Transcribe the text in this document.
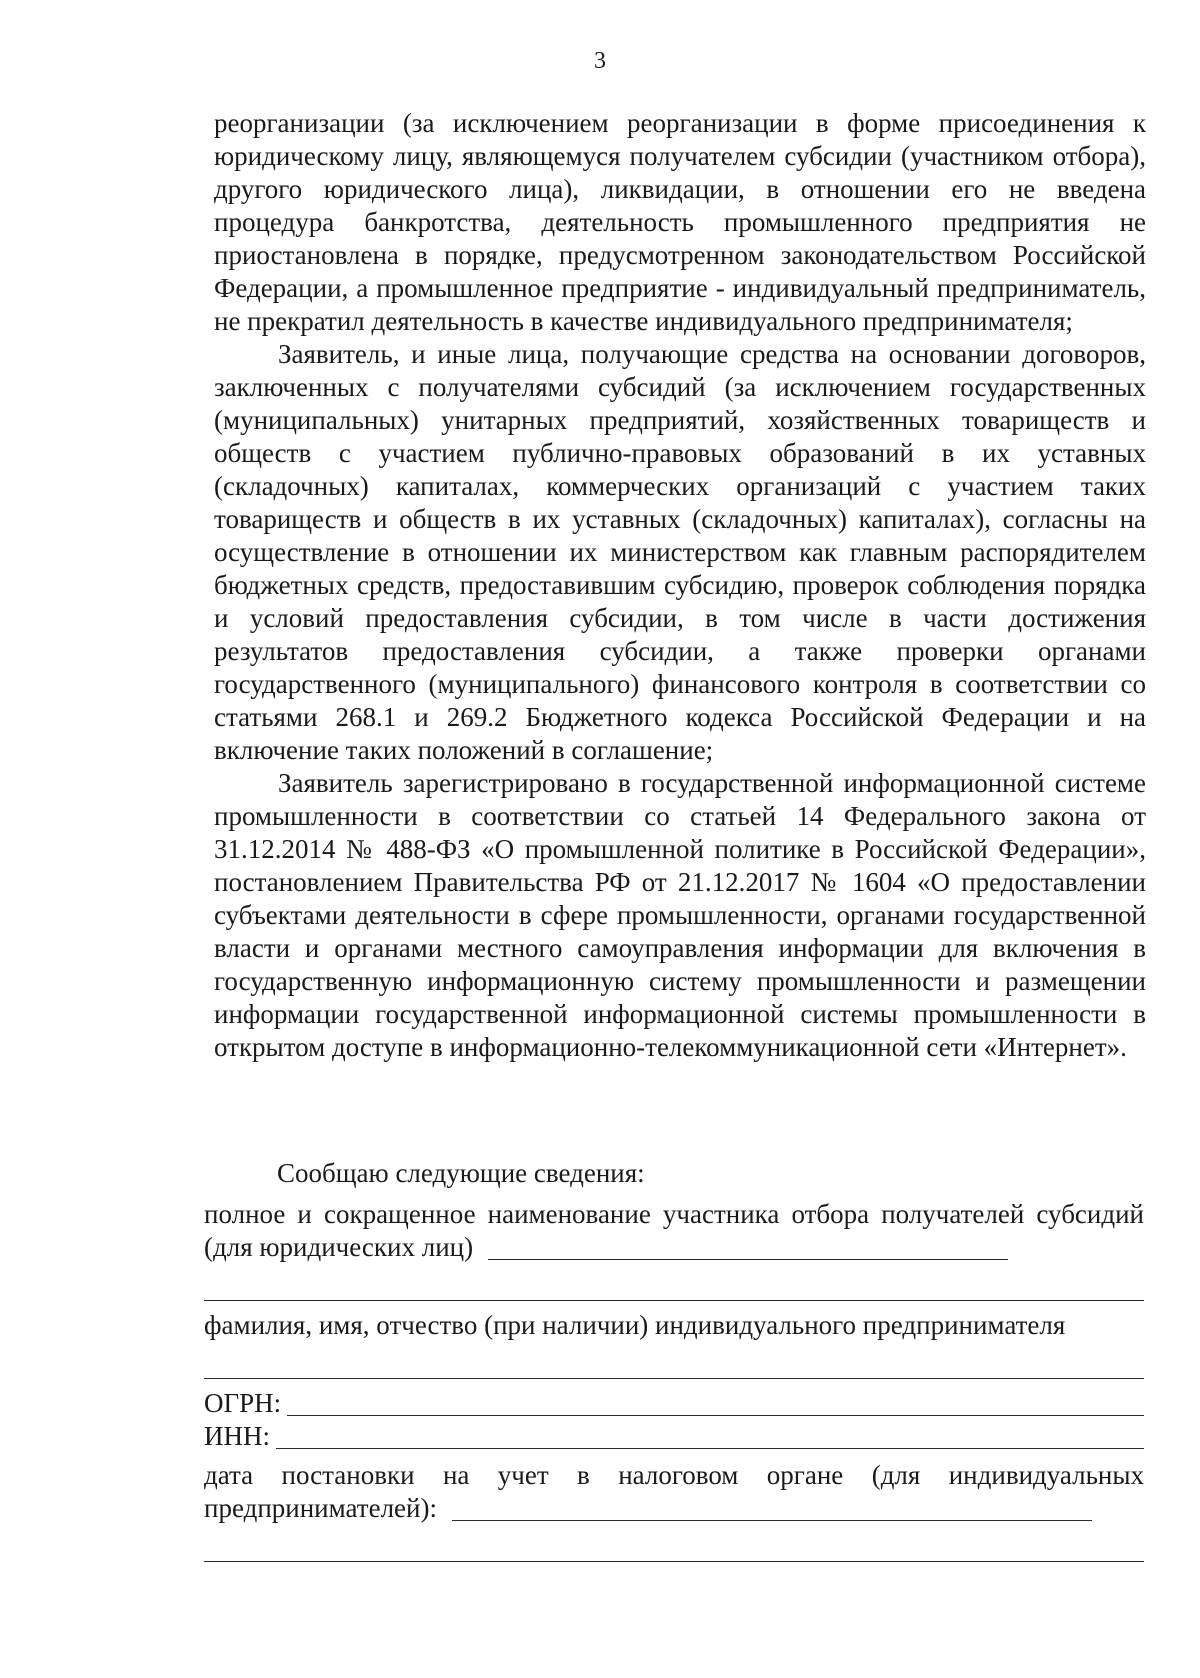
3

реорганизации (за исключением реорганизации в форме присоединения к юридическому лицу, являющемуся получателем субсидии (участником отбора), другого юридического лица), ликвидации, в отношении его не введена процедура банкротства, деятельность промышленного предприятия не приостановлена в порядке, предусмотренном законодательством Российской Федерации, а промышленное предприятие - индивидуальный предприниматель, не прекратил деятельность в качестве индивидуального предпринимателя;

Заявитель, и иные лица, получающие средства на основании договоров, заключенных с получателями субсидий (за исключением государственных (муниципальных) унитарных предприятий, хозяйственных товариществ и обществ с участием публично-правовых образований в их уставных (складочных) капиталах, коммерческих организаций с участием таких товариществ и обществ в их уставных (складочных) капиталах), согласны на осуществление в отношении их министерством как главным распорядителем бюджетных средств, предоставившим субсидию, проверок соблюдения порядка и условий предоставления субсидии, в том числе в части достижения результатов предоставления субсидии, а также проверки органами государственного (муниципального) финансового контроля в соответствии со статьями 268.1 и 269.2 Бюджетного кодекса Российской Федерации и на включение таких положений в соглашение;

Заявитель зарегистрировано в государственной информационной системе промышленности в соответствии со статьей 14 Федерального закона от 31.12.2014 № 488-ФЗ «О промышленной политике в Российской Федерации», постановлением Правительства РФ от 21.12.2017 № 1604 «О предоставлении субъектами деятельности в сфере промышленности, органами государственной власти и органами местного самоуправления информации для включения в государственную информационную систему промышленности и размещении информации государственной информационной системы промышленности в открытом доступе в информационно-телекоммуникационной сети «Интернет».

Сообщаю следующие сведения:

полное и сокращенное наименование участника отбора получателей субсидий (для юридических лиц)
фамилия, имя, отчество (при наличии) индивидуального предпринимателя
ОГРН:
ИНН:
дата постановки на учет в налоговом органе (для индивидуальных предпринимателей):
